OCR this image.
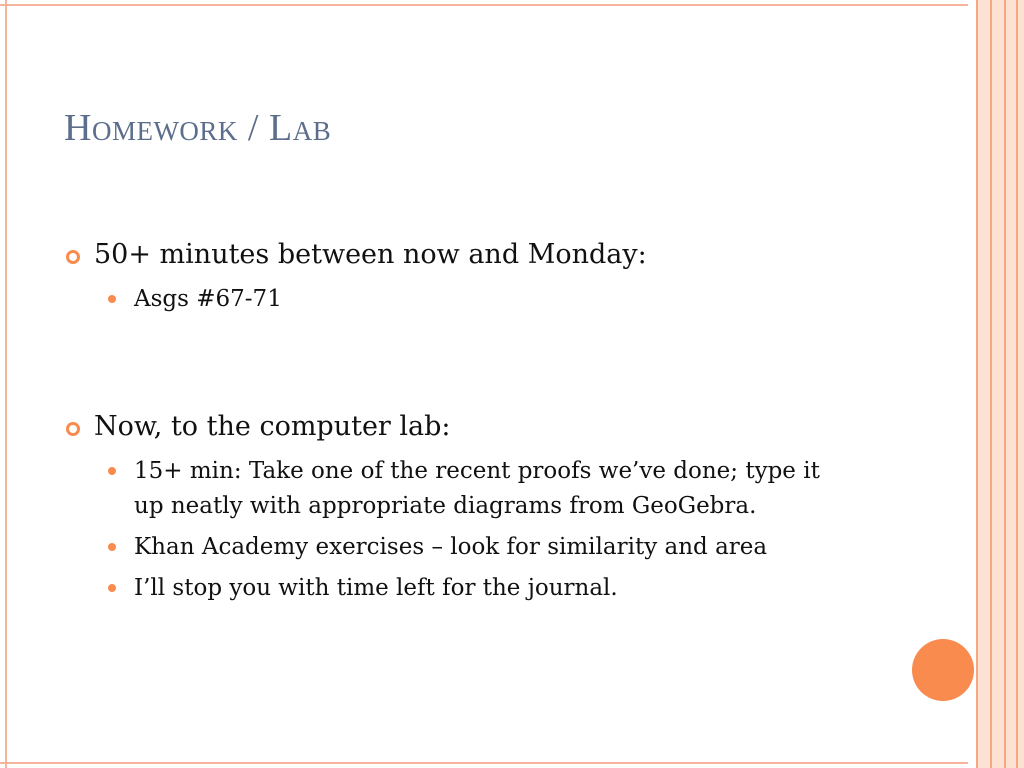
Homework / Lab
50+ minutes between now and Monday:
Asgs #67-71
Now, to the computer lab:
15+ min: Take one of the recent proofs we’ve done; type it up neatly with appropriate diagrams from GeoGebra.
Khan Academy exercises – look for similarity and area
I’ll stop you with time left for the journal.
